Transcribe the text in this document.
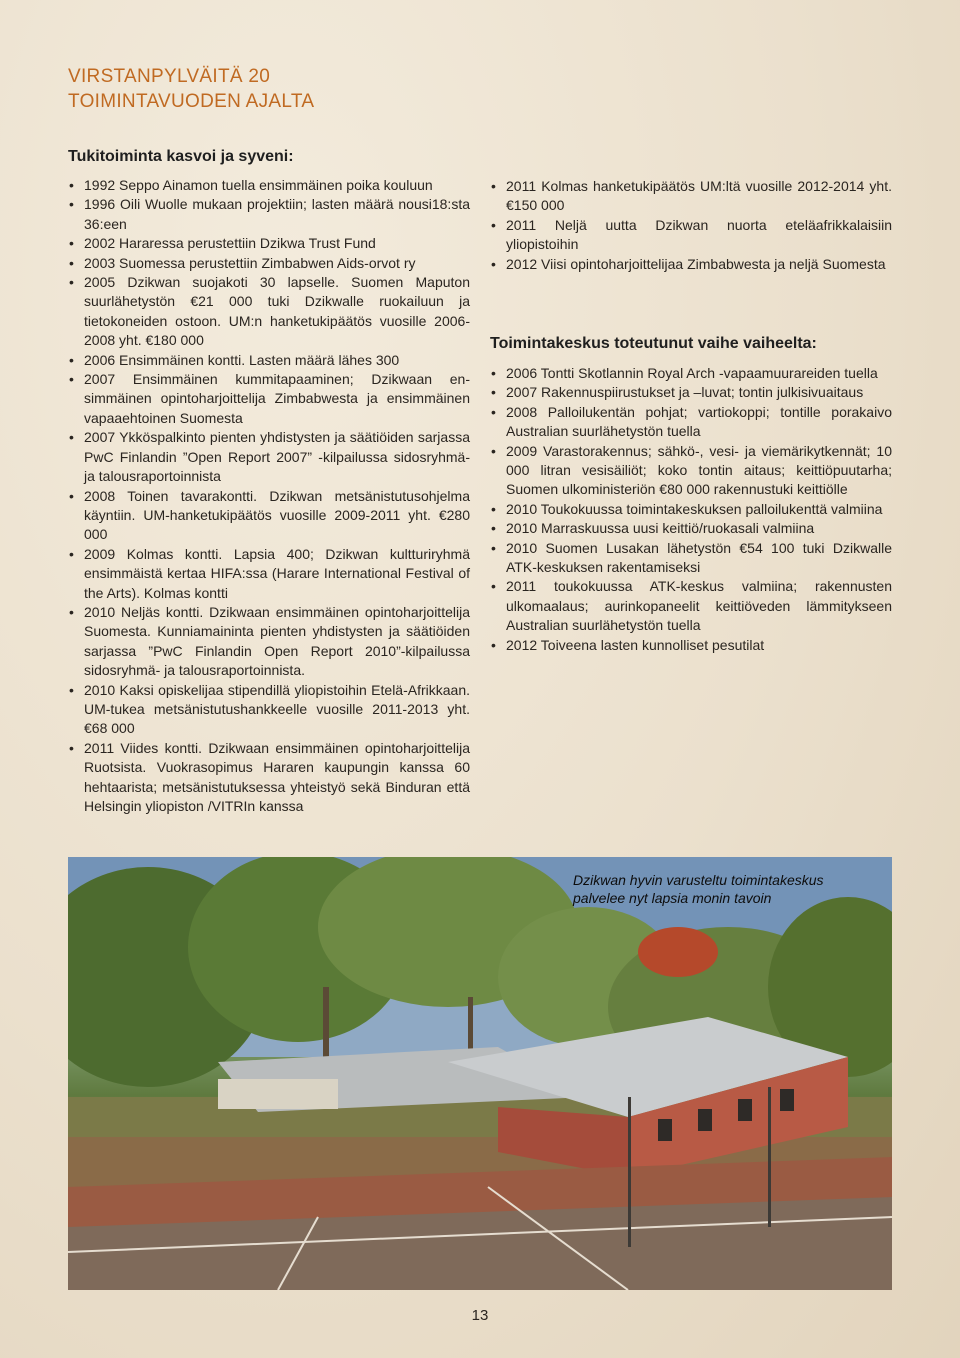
VIRSTANPYLVÄITÄ 20
TOIMINTAVUODEN AJALTA
Tukitoiminta kasvoi ja syveni:
• 1992 Seppo Ainamon tuella ensimmäinen poika kouluun
• 1996 Oili Wuolle mukaan projektiin; lasten määrä nousi18:sta 36:een
• 2002 Hararessa perustettiin Dzikwa Trust Fund
• 2003 Suomessa perustettiin Zimbabwen Aids-orvot ry
• 2005 Dzikwan suojakoti 30 lapselle. Suomen Maputon suurlähetystön €21 000 tuki Dzikwalle ruokailuun ja tietokoneiden ostoon. UM:n hanketukipäätös vuosille 2006-2008 yht. €180 000
• 2006 Ensimmäinen kontti. Lasten määrä lähes 300
• 2007 Ensimmäinen kummitapaaminen; Dzikwaan ensimmäinen opintoharjoittelija Zimbabwesta ja ensimmäinen vapaaehtoinen Suomesta
• 2007 Ykköspalkinto pienten yhdistysten ja säätiöiden sarjassa PwC Finlandin ”Open Report 2007” -kilpailussa sidosryhmä- ja talousraportoinnista
• 2008 Toinen tavarakontti. Dzikwan metsänistutusohjelma käyntiin. UM-hanketukipäätös vuosille 2009-2011 yht. €280 000
• 2009 Kolmas kontti. Lapsia 400; Dzikwan kultturiryhmä ensimmäistä kertaa HIFA:ssa (Harare International Festival of the Arts). Kolmas kontti
• 2010 Neljäs kontti. Dzikwaan ensimmäinen opintoharjoittelija Suomesta. Kunniamaininta pienten yhdistysten ja säätiöiden sarjassa ”PwC Finlandin Open Report 2010”-kilpailussa sidosryhmä- ja talousraportoinnista.
• 2010 Kaksi opiskelijaa stipendillä yliopistoihin Etelä-Afrikkaan. UM-tukea metsänistutushankkeelle vuosille 2011-2013 yht. €68 000
• 2011 Viides kontti. Dzikwaan ensimmäinen opintoharjoittelija Ruotsista. Vuokrasopimus Hararen kaupungin kanssa 60 hehtaarista; metsänistutuksessa yhteistyö sekä Binduran että Helsingin yliopiston /VITRIn kanssa
• 2011 Kolmas hanketukipäätös UM:ltä vuosille 2012-2014 yht. €150 000
• 2011 Neljä uutta Dzikwan nuorta eteläafrikkalaisiin yliopistoihin
• 2012 Viisi opintoharjoittelijaa Zimbabwesta ja neljä Suomesta
Toimintakeskus toteutunut vaihe vaiheelta:
• 2006 Tontti Skotlannin Royal Arch -vapaamuurareiden tuella
• 2007 Rakennuspiirustukset ja –luvat; tontin julkisivuaitaus
• 2008 Palloilukentän pohjat; vartiokoppi; tontille porakaivo Australian suurlähetystön tuella
• 2009 Varastorakennus; sähkö-, vesi- ja viemärikytkennät; 10 000 litran vesisäiliöt; koko tontin aitaus; keittiöpuutarha; Suomen ulkoministeriön €80 000 rakennustuki keittiölle
• 2010 Toukokuussa toimintakeskuksen palloilukenttä valmiina
• 2010 Marraskuussa uusi keittiö/ruokasali valmiina
• 2010 Suomen Lusakan lähetystön €54 100 tuki Dzikwalle ATK-keskuksen rakentamiseksi
• 2011 toukokuussa ATK-keskus valmiina; rakennusten ulkomaalaus; aurinkopaneelit keittiöveden lämmitykseen Australian suurlähetystön tuella
• 2012 Toiveena lasten kunnolliset pesutilat
Dzikwan hyvin varusteltu toimintakeskus
palvelee nyt lapsia monin tavoin
13
